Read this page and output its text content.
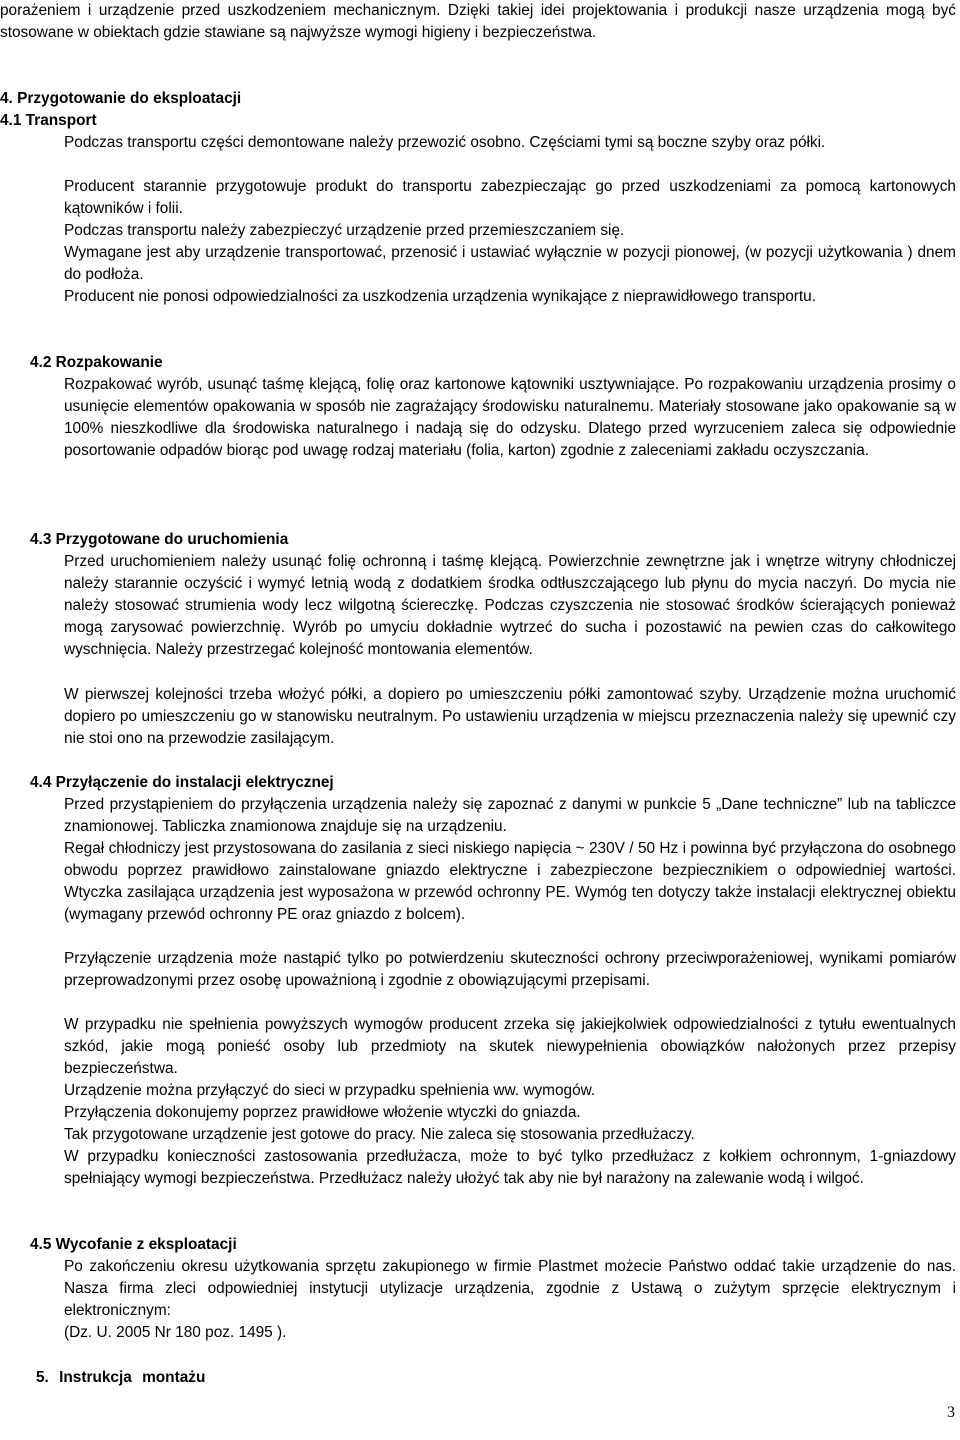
porażeniem i urządzenie przed uszkodzeniem mechanicznym. Dzięki takiej idei projektowania i produkcji nasze urządzenia mogą być stosowane w obiektach gdzie stawiane są najwyższe wymogi higieny i bezpieczeństwa.

4. Przygotowanie do eksploatacji
4.1 Transport

Podczas transportu części demontowane należy przewozić osobno. Częściami tymi są boczne szyby oraz półki.

Producent starannie przygotowuje produkt do transportu zabezpieczając go przed uszkodzeniami za pomocą kartonowych kątowników i folii.

Podczas transportu należy zabezpieczyć urządzenie przed przemieszczaniem się.

Wymagane jest aby urządzenie transportować, przenosić i ustawiać wyłącznie w pozycji pionowej, (w pozycji użytkowania ) dnem do podłoża.

Producent nie ponosi odpowiedzialności za uszkodzenia urządzenia wynikające z nieprawidłowego transportu.

4.2 Rozpakowanie

Rozpakować wyrób, usunąć taśmę klejącą, folię oraz kartonowe kątowniki usztywniające. Po rozpakowaniu urządzenia prosimy o usunięcie elementów opakowania w sposób nie zagrażający środowisku naturalnemu. Materiały stosowane jako opakowanie są w 100% nieszkodliwe dla środowiska naturalnego i nadają się do odzysku. Dlatego przed wyrzuceniem zaleca się odpowiednie posortowanie odpadów biorąc pod uwagę rodzaj materiału (folia, karton) zgodnie z zaleceniami zakładu oczyszczania.

4.3 Przygotowane do uruchomienia

Przed uruchomieniem należy usunąć folię ochronną i taśmę klejącą. Powierzchnie zewnętrzne jak i wnętrze witryny chłodniczej należy starannie oczyścić i wymyć letnią wodą z dodatkiem środka odtłuszczającego lub płynu do mycia naczyń. Do mycia nie należy stosować strumienia wody lecz wilgotną ściereczkę. Podczas czyszczenia nie stosować środków ścierających ponieważ mogą zarysować powierzchnię. Wyrób po umyciu dokładnie wytrzeć do sucha i pozostawić na pewien czas do całkowitego wyschnięcia. Należy przestrzegać kolejność montowania elementów.

W pierwszej kolejności trzeba włożyć półki, a dopiero po umieszczeniu półki zamontować szyby. Urządzenie można uruchomić dopiero po umieszczeniu go w stanowisku neutralnym. Po ustawieniu urządzenia w miejscu przeznaczenia należy się upewnić czy nie stoi ono na przewodzie zasilającym.

4.4 Przyłączenie do instalacji elektrycznej

Przed przystąpieniem do przyłączenia urządzenia należy się zapoznać z danymi w punkcie 5 „Dane techniczne” lub na tabliczce znamionowej. Tabliczka znamionowa znajduje się na urządzeniu.

Regał chłodniczy jest przystosowana do zasilania z sieci niskiego napięcia ~ 230V / 50 Hz i powinna być przyłączona do osobnego obwodu poprzez prawidłowo zainstalowane gniazdo elektryczne i zabezpieczone bezpiecznikiem o odpowiedniej wartości. Wtyczka zasilająca urządzenia jest wyposażona w przewód ochronny PE. Wymóg ten dotyczy także instalacji elektrycznej obiektu (wymagany przewód ochronny PE oraz gniazdo z bolcem).

Przyłączenie urządzenia może nastąpić tylko po potwierdzeniu skuteczności ochrony przeciwporażeniowej, wynikami pomiarów przeprowadzonymi przez osobę upoważnioną i zgodnie z obowiązującymi przepisami.

W przypadku nie spełnienia powyższych wymogów producent zrzeka się jakiejkolwiek odpowiedzialności z tytułu ewentualnych szkód, jakie mogą ponieść osoby lub przedmioty na skutek niewypełnienia obowiązków nałożonych przez przepisy bezpieczeństwa.

Urządzenie można przyłączyć do sieci w przypadku spełnienia ww. wymogów.

Przyłączenia dokonujemy poprzez prawidłowe włożenie wtyczki do gniazda.

Tak przygotowane urządzenie jest gotowe do pracy. Nie zaleca się stosowania przedłużaczy.

W przypadku konieczności zastosowania przedłużacza, może to być tylko przedłużacz z kołkiem ochronnym, 1-gniazdowy spełniający wymogi bezpieczeństwa. Przedłużacz należy ułożyć tak aby nie był narażony na zalewanie wodą i wilgoć.

4.5 Wycofanie z eksploatacji

Po zakończeniu okresu użytkowania sprzętu zakupionego w firmie Plastmet możecie Państwo oddać takie urządzenie do nas. Nasza firma zleci odpowiedniej instytucji utylizacje urządzenia, zgodnie z Ustawą o zużytym sprzęcie elektrycznym i elektronicznym:

(Dz. U. 2005 Nr 180 poz. 1495 ).

5. Instrukcja montażu
3
